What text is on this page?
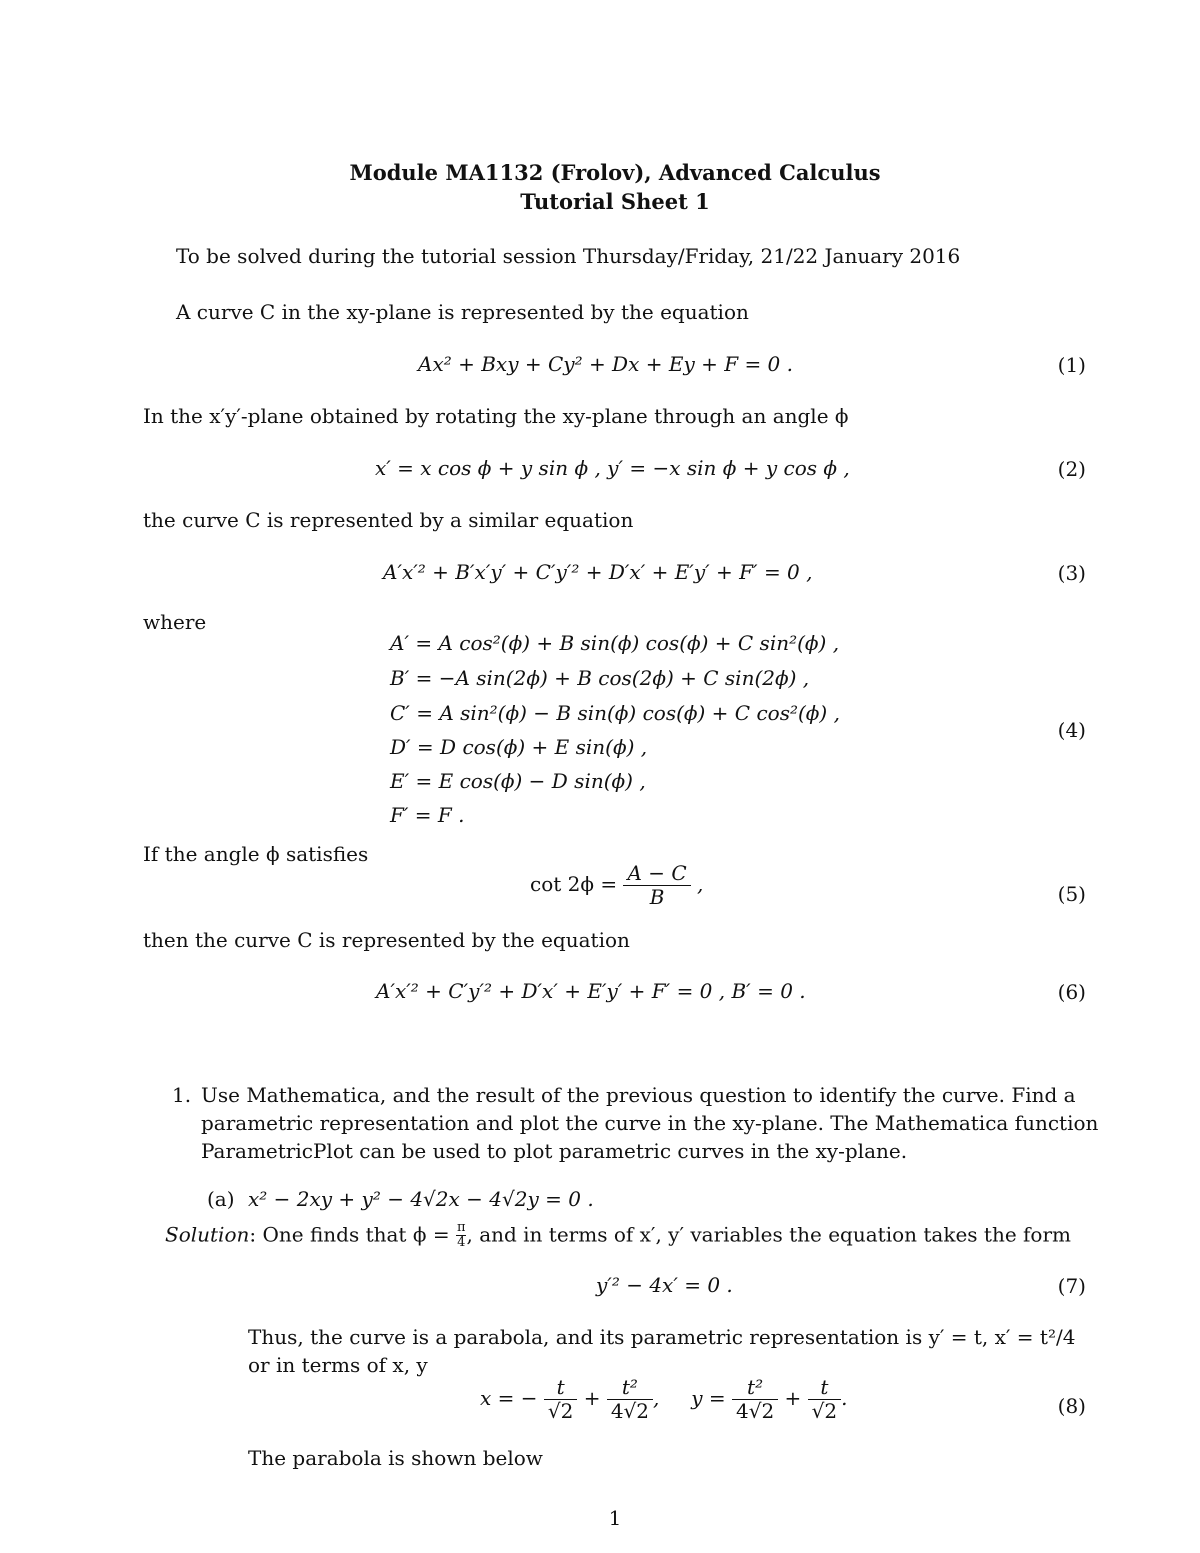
Module MA1132 (Frolov), Advanced Calculus
Tutorial Sheet 1
To be solved during the tutorial session Thursday/Friday, 21/22 January 2016
A curve C in the xy-plane is represented by the equation
Ax² + Bxy + Cy² + Dx + Ey + F = 0 .	(1)
In the x′y′-plane obtained by rotating the xy-plane through an angle ϕ
x′ = x cos ϕ + y sin ϕ , y′ = −x sin ϕ + y cos ϕ ,	(2)
the curve C is represented by a similar equation
A′x′² + B′x′y′ + C′y′² + D′x′ + E′y′ + F′ = 0 ,	(3)
where
A′ = A cos²(ϕ) + B sin(ϕ) cos(ϕ) + C sin²(ϕ) ,
B′ = −A sin(2ϕ) + B cos(2ϕ) + C sin(2ϕ) ,
C′ = A sin²(ϕ) − B sin(ϕ) cos(ϕ) + C cos²(ϕ) ,
D′ = D cos(ϕ) + E sin(ϕ) ,
E′ = E cos(ϕ) − D sin(ϕ) ,
F′ = F .
(4)
If the angle ϕ satisfies
$\cot 2\phi = \frac{A - C}{B}$ ,	(5)
then the curve C is represented by the equation
A′x′² + C′y′² + D′x′ + E′y′ + F′ = 0 , B′ = 0 .	(6)
1. Use Mathematica, and the result of the previous question to identify the curve. Find a
parametric representation and plot the curve in the xy-plane. The Mathematica function
ParametricPlot can be used to plot parametric curves in the xy-plane.
(a) x² − 2xy + y² − 4√2x − 4√2y = 0 .
Solution: One finds that $\phi = \frac{\pi}{4}$ , and in terms of x′, y′ variables the equation takes the form
y′² − 4x′ = 0 .	(7)
Thus, the curve is a parabola, and its parametric representation is y′ = t, x′ = t²/4
or in terms of x, y
x = − $\frac{t}{√2} + \frac{\text{t²}}{4√2}$ , $y = \frac{\text{t²}}{4√2} + \frac{t}{√2}$ .	(8)
The parabola is shown below
1
